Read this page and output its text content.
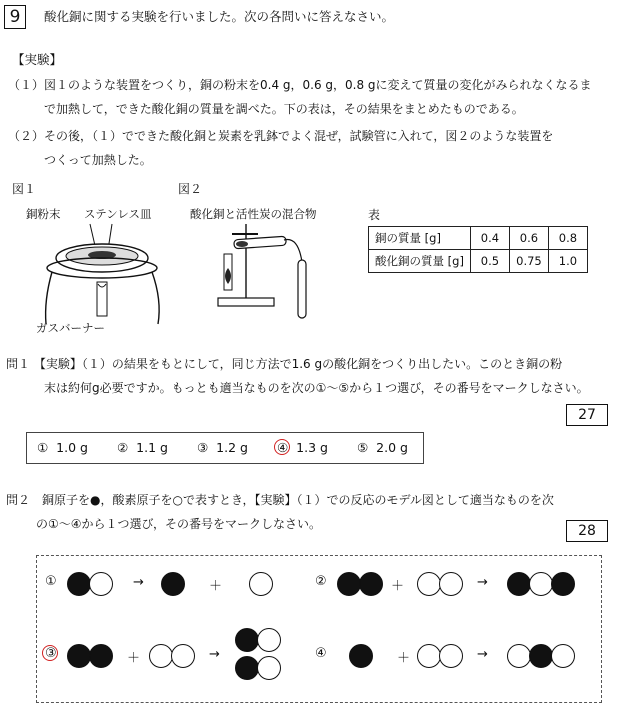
9	酸化銅に関する実験を行いました。次の各問いに答えなさい。
【実験】
（１）図１のような装置をつくり，銅の粉末を0.4 g，0.6 g，0.8 gに変えて質量の変化がみられなくなるま
で加熱して，できた酸化銅の質量を調べた。下の表は，その結果をまとめたものである。
（２）その後，（１）でできた酸化銅と炭素を乳鉢でよく混ぜ，試験管に入れて，図２のような装置を
つくって加熱した。
図１	図２
銅粉末 ステンレス皿
ガスバーナー
酸化銅と活性炭の混合物	表
銅の質量 [g]	0.4	0.6	0.8
酸化銅の質量 [g]	0.5	0.75	1.0
問１ 【実験】（１）の結果をもとにして，同じ方法で1.6 gの酸化銅をつくり出したい。このとき銅の粉
末は約何g必要ですか。もっとも適当なものを次の①～⑤から１つ選び，その番号をマークしなさい。
27
① 1.0 g ② 1.1 g ③ 1.2 g ④ 1.3 g ⑤ 2.0 g
問２　銅原子を●，酸素原子を○で表すとき，【実験】（１）での反応のモデル図として適当なものを次
の①～④から１つ選び，その番号をマークしなさい。	28
①	→	＋	②	＋	→
③	＋	→	④	＋	→
